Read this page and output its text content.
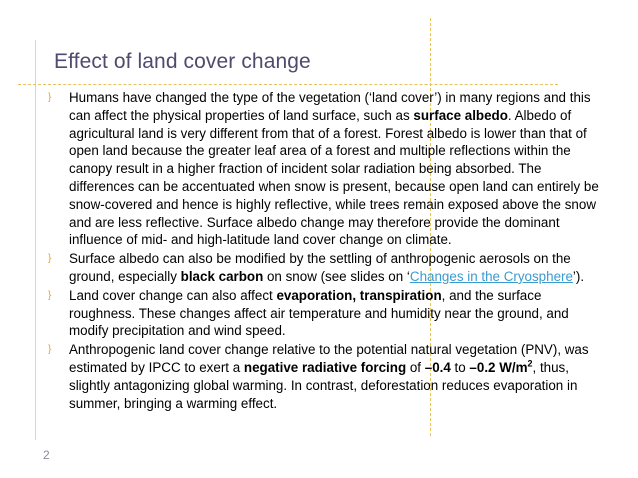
Effect of land cover change
} Humans have changed the type of the vegetation (‘land cover’) in many regions and this can affect the physical properties of land surface, such as surface albedo. Albedo of agricultural land is very different from that of a forest. Forest albedo is lower than that of open land because the greater leaf area of a forest and multiple reflections within the canopy result in a higher fraction of incident solar radiation being absorbed. The differences can be accentuated when snow is present, because open land can entirely be snow-covered and hence is highly reflective, while trees remain exposed above the snow and are less reflective. Surface albedo change may therefore provide the dominant influence of mid- and high-latitude land cover change on climate.
} Surface albedo can also be modified by the settling of anthropogenic aerosols on the ground, especially black carbon on snow (see slides on ‘Changes in the Cryosphere’).
} Land cover change can also affect evaporation, transpiration, and the surface roughness. These changes affect air temperature and humidity near the ground, and modify precipitation and wind speed.
} Anthropogenic land cover change relative to the potential natural vegetation (PNV), was estimated by IPCC to exert a negative radiative forcing of –0.4 to –0.2 $W/m^2$, thus, slightly antagonizing global warming. In contrast, deforestation reduces evaporation in summer, bringing a warming effect.
2
